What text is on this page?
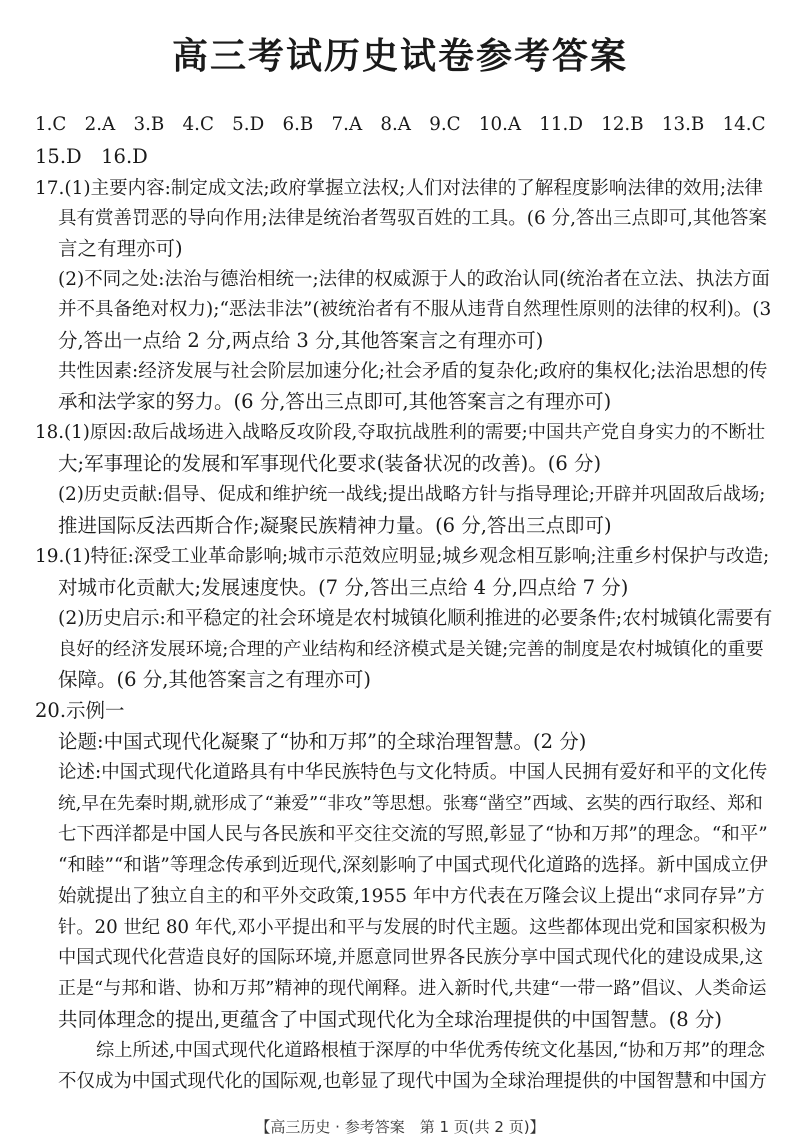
高三考试历史试卷参考答案
1.C　2.A　3.B　4.C　5.D　6.B　7.A　8.A　9.C　10.A　11.D　12.B　13.B　14.C
15.D　16.D
17.(1)主要内容:制定成文法;政府掌握立法权;人们对法律的了解程度影响法律的效用;法律
具有赏善罚恶的导向作用;法律是统治者驾驭百姓的工具。(6 分,答出三点即可,其他答案
言之有理亦可)
(2)不同之处:法治与德治相统一;法律的权威源于人的政治认同(统治者在立法、执法方面
并不具备绝对权力);“恶法非法”(被统治者有不服从违背自然理性原则的法律的权利)。(3
分,答出一点给 2 分,两点给 3 分,其他答案言之有理亦可)
共性因素:经济发展与社会阶层加速分化;社会矛盾的复杂化;政府的集权化;法治思想的传
承和法学家的努力。(6 分,答出三点即可,其他答案言之有理亦可)
18.(1)原因:敌后战场进入战略反攻阶段,夺取抗战胜利的需要;中国共产党自身实力的不断壮
大;军事理论的发展和军事现代化要求(装备状况的改善)。(6 分)
(2)历史贡献:倡导、促成和维护统一战线;提出战略方针与指导理论;开辟并巩固敌后战场;
推进国际反法西斯合作;凝聚民族精神力量。(6 分,答出三点即可)
19.(1)特征:深受工业革命影响;城市示范效应明显;城乡观念相互影响;注重乡村保护与改造;
对城市化贡献大;发展速度快。(7 分,答出三点给 4 分,四点给 7 分)
(2)历史启示:和平稳定的社会环境是农村城镇化顺利推进的必要条件;农村城镇化需要有
良好的经济发展环境;合理的产业结构和经济模式是关键;完善的制度是农村城镇化的重要
保障。(6 分,其他答案言之有理亦可)
20.示例一
论题:中国式现代化凝聚了“协和万邦”的全球治理智慧。(2 分)
论述:中国式现代化道路具有中华民族特色与文化特质。中国人民拥有爱好和平的文化传
统,早在先秦时期,就形成了“兼爱”“非攻”等思想。张骞“凿空”西域、玄奘的西行取经、郑和
七下西洋都是中国人民与各民族和平交往交流的写照,彰显了“协和万邦”的理念。“和平”
“和睦”“和谐”等理念传承到近现代,深刻影响了中国式现代化道路的选择。新中国成立伊
始就提出了独立自主的和平外交政策,1955 年中方代表在万隆会议上提出“求同存异”方
针。20 世纪 80 年代,邓小平提出和平与发展的时代主题。这些都体现出党和国家积极为
中国式现代化营造良好的国际环境,并愿意同世界各民族分享中国式现代化的建设成果,这
正是“与邦和谐、协和万邦”精神的现代阐释。进入新时代,共建“一带一路”倡议、人类命运
共同体理念的提出,更蕴含了中国式现代化为全球治理提供的中国智慧。(8 分)
综上所述,中国式现代化道路根植于深厚的中华优秀传统文化基因,“协和万邦”的理念
不仅成为中国式现代化的国际观,也彰显了现代中国为全球治理提供的中国智慧和中国方
【高三历史 · 参考答案　第 1 页(共 2 页)】
